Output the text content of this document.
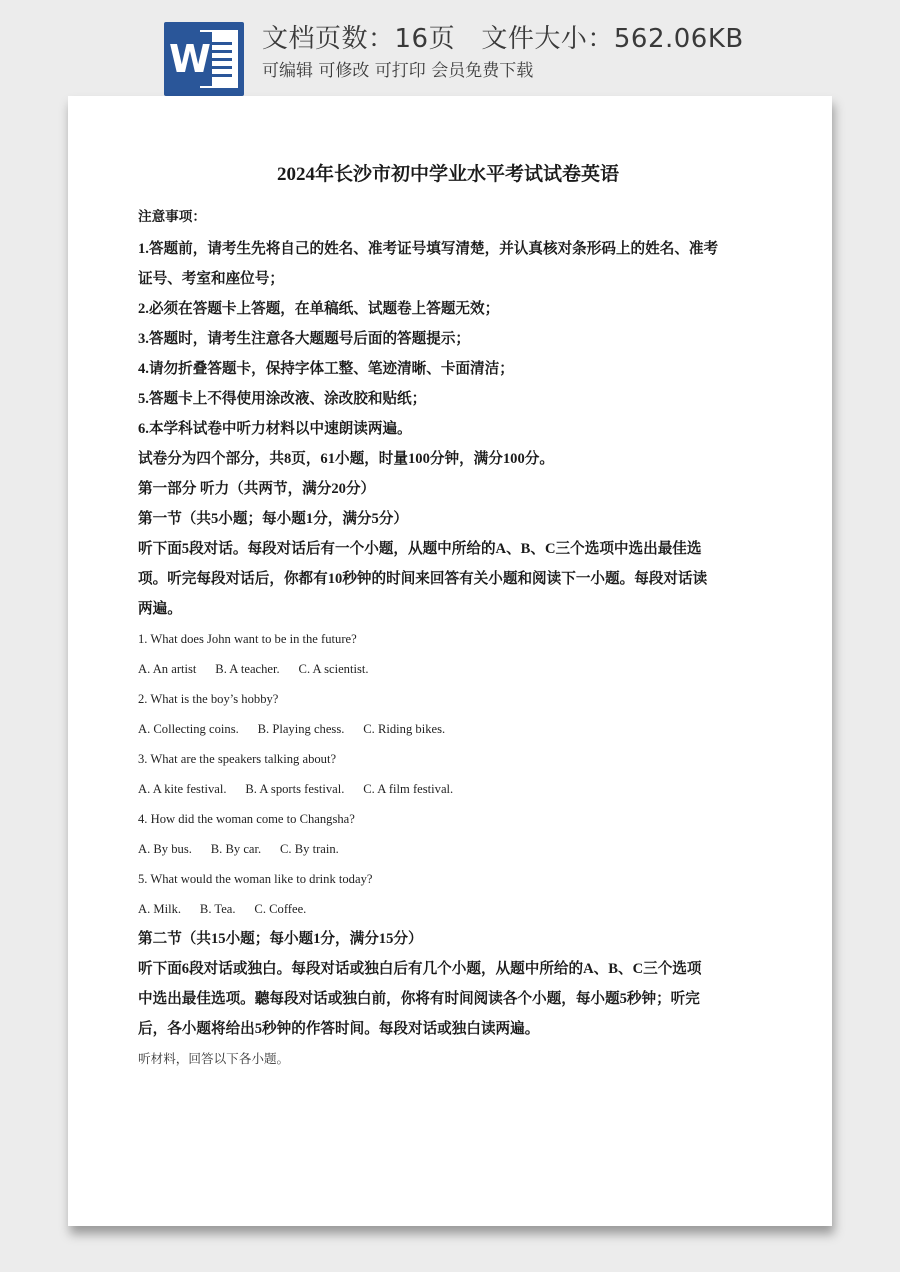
W 文档页数：16页   文件大小：562.06KB
可编辑 可修改 可打印 会员免费下载
2024年长沙市初中学业水平考试试卷英语
注意事项：
1.答题前，请考生先将自己的姓名、准考证号填写清楚，并认真核对条形码上的姓名、准考
证号、考室和座位号；
2.必须在答题卡上答题，在单稿纸、试题卷上答题无效；
3.答题时，请考生注意各大题题号后面的答题提示；
4.请勿折叠答题卡，保持字体工整、笔迹清晰、卡面清洁；
5.答题卡上不得使用涂改液、涂改胶和贴纸；
6.本学科试卷中听力材料以中速朗读两遍。
试卷分为四个部分，共8页，61小题，时量100分钟，满分100分。
第一部分 听力（共两节，满分20分）
第一节（共5小题；每小题1分，满分5分）
听下面5段对话。每段对话后有一个小题，从题中所给的A、B、C三个选项中选出最佳选
项。听完每段对话后，你都有10秒钟的时间来回答有关小题和阅读下一小题。每段对话读
两遍。
1. What does John want to be in the future?
A. An artist      B. A teacher.      C. A scientist.
2. What is the boy’s hobby?
A. Collecting coins.      B. Playing chess.      C. Riding bikes.
3. What are the speakers talking about?
A. A kite festival.      B. A sports festival.      C. A film festival.
4. How did the woman come to Changsha?
A. By bus.      B. By car.      C. By train.
5. What would the woman like to drink today?
A. Milk.      B. Tea.      C. Coffee.
第二节（共15小题；每小题1分，满分15分）
听下面6段对话或独白。每段对话或独白后有几个小题，从题中所给的A、B、C三个选项
中选出最佳选项。聽每段对话或独白前，你将有时间阅读各个小题，每小题5秒钟；听完
后，各小题将给出5秒钟的作答时间。每段对话或独白读两遍。
听材料，回答以下各小题。
